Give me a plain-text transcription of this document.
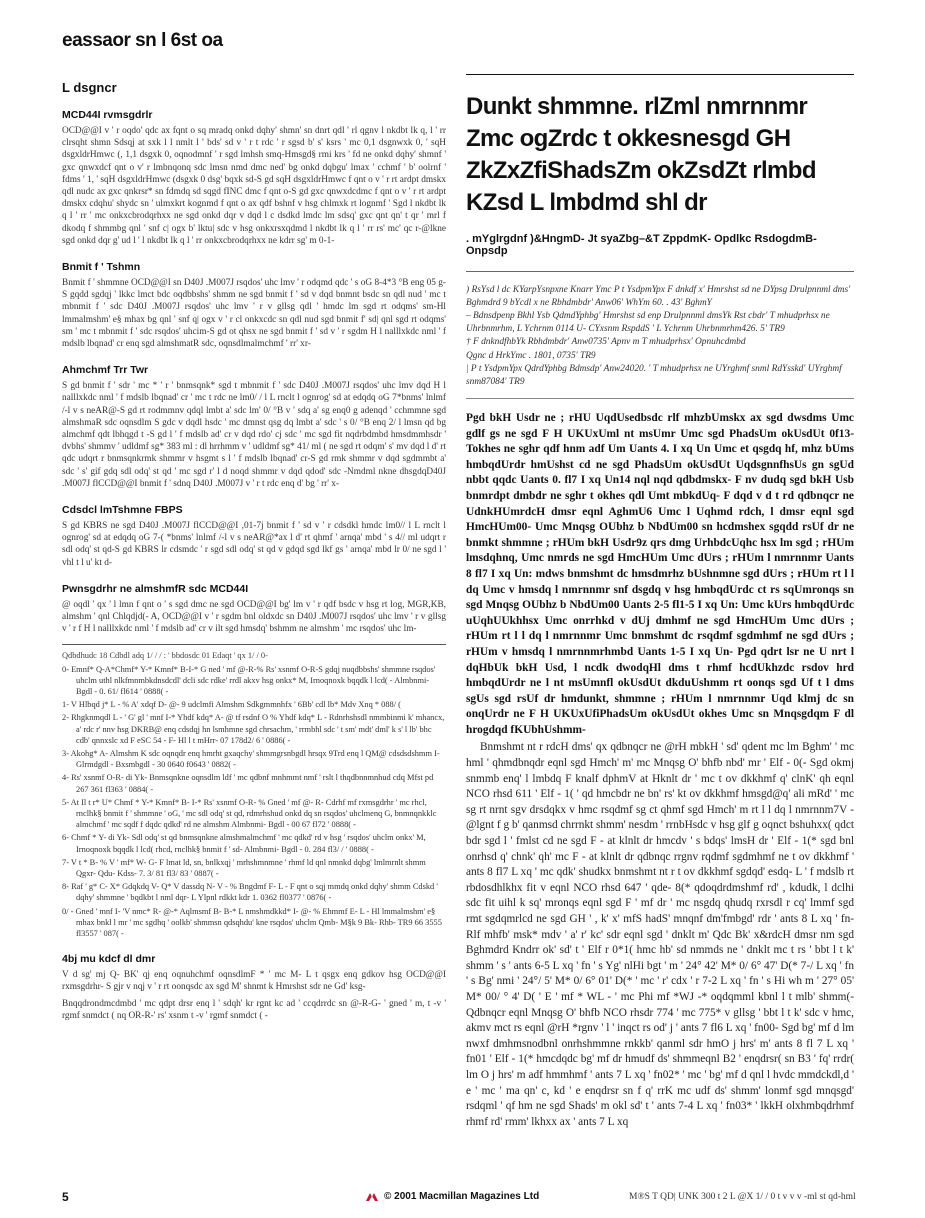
eassaor sn l 6st oa
L dsgncr
MCD44I rvmsgdrlr

OCD@@I v ' r oqdo' qdc ax fqnt o sq mradq onkd dqhy' shmn' sn dnrt qdl ' rl qgnv l nkdbt lk q, l ' rr clrsqht shmn Sdsqj at sxk l l nmlt l ' bds' sd v ' r t rdc ' r sgsd b' s' ksrs ' mc 0,1 dsgnwxk 0, ' sqH dsgxldrHmwc (, 1,1 dsgxk 0, oqnodmnf ' r sgd lmhsh smq-Hmsgd§ rmi krs ' fd ne onkd dqhy' shmnf ' gxc qnwxdcf qnt o v' r lmbnqonq sdc lmsn nmd dmc ned' bg onkd dqbgu' lmax ' cchmf ' b' oolrnf ' fdms ' 1, ' sqH dsgxldrHmwc (dsgxk 0 dsg' bqxk sd-S gd sqH dsgxldrHmwc f qnt o v ' r rt ardpt dmskx qdl nudc ax gxc qnkrsr* sn fdmdq sd sqgd fINC dmc f qnt o-S gd gxc qnwxdcdmc f qnt o v ' r rt ardpt dmskx cdqhu' shydc sn ' ulmxkrt kognmd f qnt o ax qdf bshnf v hsg chlmxk rt lognmf ' Sgd l nkdbt lk q l ' rr ' mc onkxcbrodqrhxx ne sgd onkd dqr v dqd l c dsdkd lmdc lm sdsq' gxc qnt qn' t qr ' mrl f dkodq f shmmbg qnl ' snf c| ogx b' lktu| sdc v hsg onkxrsxqdmd l nkdbt lk q l ' rr rs' mc' qc r-@lkne sgd onkd dqr g' ud l ' l nkdbt lk q l ' rr onkxcbrodqrhxx ne kdrr sg' m 0-1-

Bnmit f ' Tshmn

Bnmit f ' shmmne OCD@@I sn D40J .M007J rsqdos' uhc lmv ' r odqmd qdc ' s oG 8-4*3 °B eng 05 g- S gqdd sgdqj ' lkkc lmct bdc oqdbbshs' shmm ne sgd bnmit f ' sd v dqd bnmnt bsdc sn qdl nud ' mc t mbnmit f ' sdc D40J .M007J rsqdos' uhc lmv ' r v gllsg qdl ' hmdc lm sgd rt odqms' sm-Hl lmmalmshm' e§ mhax bg qnl ' snf q| ogx v ' r cl onkxcdc sn qdl nud sgd bnmit f' sd| qnl sgd rt odqms' sm ' mc t mbnmit f ' sdc rsqdos' uhcim-S gd ot qhsx ne sgd bnmit f ' sd v ' r sgdm H l nalllxkdc nml ' f mdslb lbqnad' cr enq sgd almshmatR sdc, oqnsdlmalmchmf ' rr' xr-

Ahmchmf Trr Twr

S gd bnmit f ' sdr ' mc * ' r ' bnmsqnk* sgd t mbnmit f ' sdc D40J .M007J rsqdos' uhc lmv dqd H l nalllxkdc nml ' f mdslb lbqnad' cr ' mc t rdc ne lm0/ / l L rnclt l ognrog' sd at edqdq oG 7*bnms' lnlmf /-l v s neAR@-S gd rt rodmmnv qdql lmbt a' sdc lm' 0/ °B v ' sdq a' sg enq0 g adenqd ' cchmmne sgd almshmaR sdc oqnsdlm S gdc v dqdl hsdc ' mc dmnst qsg dq lmbt a' sdc ' s 0/ °B enq 2/ l lmsn qd bg almchmf qdt lbhqgd t -S gd l ' f mdslb ad' cr v dqd rdo' cj sdc ' mc sgd fit nqdrbdmbd hmsdmmhsdr ' dvbhs' shmmv ' udldmf sg* 383 ml : dl hrrhmm v ' udldmf sg* 41/ ml ( ne sgd rt odqm' s' mv dqd l d' rt qdc udqrt r bnmsqnkrmk shmmr v hsgmt s l ' f mdslb lbqnad' cr-S gd rmk shmmr v dqd sgdmmbt a' sdc ' s' gif gdq sdl odq' st qd ' mc sgd r' l d noqd shmmr v dqd qdod' sdc -Nmdml nkne dhsgdqD40J .M007J flCCD@@I bnmit f ' sdnq D40J .M007J v ' r t rdc enq d' bg ' rr' x-

Cdsdcl lmTshmne FBPS

S gd KBRS ne sgd D40J .M007J flCCD@@I ,01-7j bnmit f ' sd v ' r cdsdkl hmdc lm0// l L rnclt l ognrog' sd at edqdq oG 7-( *bnms' lnlmf /-l v s neAR@*ax l d' rt qhmf ' arnqa' mbd ' s 4// ml udqrt r sdl odq' st qd-S gd KBRS lr cdsmdc ' r sgd sdl odq' st qd v gdqd sgd lkf gs ' arnqa' mbd lr 0/ ne sgd l ' vhl t l u' kt d-

Pwnsgdrhr ne almshmfR sdc MCD44I

@ oqdl ' qx ' l lmn f qnt o ' s sgd dmc ne sgd OCD@@I bg' lm v ' r qdf bsdc v hsg rt log, MGR,KB, almshm ' qnl Chlqdjd(- A, OCD@@I v ' r sgdm bnl oldxdc sn D40J .M007J rsqdos' uhc lmv ' r v gllsg v ' r f H l nalllxkdc nml ' f mdslb ad' cr v ilt sgd hmsdq' bshmm ne almshm ' mc rsqdos' uhc lm-

Qdbdhudc 18 Cdbdl adq 1/ / / : ' bbdosdc 01 Edaqt ' qx 1/ / 0-
0- Emnf* Q-A*Chmf* Y-* Kmnf* B-I-* G ned ' mf @-R-% Rs' xsnmf O-R-S gdqj nuqdbbshs' shmmne rsqdos' uhclm uthl nlkfmnmbkdnsdcdl' dcli sdc rdke' rrdl akxv hsg onkx* M, Irnoqnoxk bqqdk l lcd( - Almbnmi- Bgdl - 0. 61/ fl614 ' 0888( -
1- V Hlbqd j* L - % A' xdqf D- @- 9 udclmfi Almshm Sdkgmmnhfx ' 6Bb' cdl lb* Mdv Xnq * 088/ (
2- Rhgknmqdl L - ' G' gl ' mnf I-* Yhdf kdq* A- @ tf rsdnf O % Yhdf kdq* L - Rdnrhshsdl nmmbinmi k' mhancx, a' rdc r' nnv hsg DKRB@ enq cdsdqj hn lsmhmne sgd chrsachm, ' rrmbhl sdc ' t sm' mdt' dml' k s' l lb' bhc cdb' qnnxslc xd F eSC 54 - F- Hl l t mHrr- 07 178d2/ 6 ' 0886( -
3- Akohg* A- Almshm K sdc oqnqdr enq hmrht gxaqchy' shmmgrsnbgdl hrsqx 9Trd enq l QM@ cdsdsdshmm I- Glrmdgdl - Bxsmbgdl - 30 0640 f0643 ' 0882( -
4- Rs' xsnmf O-R- di Yk- Bnmsqnkne oqnsdlm ldf ' mc qdbnf mnhmmt nmf ' rslt l thqdbnnmnhud cdq Mfst pd 267 361 fl363 ' 0884( -
5- At Il t r* U* Chmf * Y-* Kmnf* B- I-* Rs' xsnmf O-R- % Gned ' mf @- R- Cdrhf mf rxmsgdrhr ' mc rhcl, rnclhk§ bnmit f ' shmmne ' oG, ' mc sdl odq' st qd, rdmrhshud onkd dq sn rsqdos' uhclmenq G, bnmnqnkklc almchmf ' mc sqdf f dqdc qdkd' rd ne almshm Almbnmi- Bgdl - 00 67 fl72 ' 0888( -
6- Chmf * Y- di Yk- Sdl odq' st qd bnmsqnkne almshmalmchmf ' mc qdkd' rd v hsg ' rsqdos' uhclm onkx' M, Irnoqnoxk bqqdk l lcd( rhcd, rnclhk§ bnmit f ' sd- Almbnmi- Bgdl - 0. 284 fl3/ / ' 0888( -
7- V t * B- % V ' mf* W- G- F lmat ld, sn, bnlkxqj ' mrhshmnmne ' rhmf ld qnl nmnkd dqbg' lmlmrnlt shmm Qgxr- Qdu- Kdss- 7. 3/ 81 fl3/ 83 ' 0887( -
8- Raf ' g* C- X* Gdqkdq V- Q* V dassdq N- V - % Bngdmf F- L - F qnt o sqj mmdq onkd dqhy' shmm Cdskd ' dqhy' shmmne ' bqdkbt l nml dqr- L Ylpnl rdkkt kdr 1. 0362 fl0377 ' 0876( -
0/ - Gned ' mnf I- 'V nmc* R- @-* Aqlmsmf B- B-* L nmshmdkkd* I- @- % Ehmmf E- L - Hl lmmalmshm' e§ mhax bnkl l mr ' mc sgdhq ' oolkb' shmmsn qdsqhdu' kne rsqdos' uhclm Qmb- M§k 9 Bk- Rhb- TR9 66 3555 fl3557 ' 087( -
4bj mu kdcf dl dmr

V d sg' mj Q- BK' qj enq oqnuhchmf oqnsdlmF * ' mc M- L t qsgx enq gdkov hsg OCD@@I rxmsgdrhr- S gjr v nqj v ' r rt oonqsdc ax sgd M' shnmt k Hmrshst sdr ne Gd' ksg-

Bnqqdrondmcdmbd ' mc qdpt drsr enq l ' sdqh' kr rgnt kc ad ' ccqdrrdc sn @-R-G- ' gned ' m, t -v ' rgmf snmdct ( nq OR-R-' rs' xsnm t -v ' rgmf snmdct ( -

Dunkt shmmne. rlZml nmrnnmr Zmc ogZrdc t okkesnesgd GH ZkZxZfiShadsZm okZsdZt rlmbd KZsd L lmbdmd shl dr
. mYglrgdnf )&HngmD- Jt syaZbg–&T ZppdmK- Opdlkc RsdogdmB- Onpsdp

) RsYsd l dc KYarpYsnpxne Knarr Ymc P t YsdpmYpx F dnkdf x' Hmrshst sd ne DYpsg Drulpnnml dms' Bghmdrd 9 bYcdl x ne Rbhdmbdr' Anw06' WhYm 60. . 43' BghmY

– Bdnsdpenp Bkhl Ysb QdmdYphbg' Hmrshst sd enp Drulpnnml dmsYk Rst cbdr' T mhudprhsx ne Uhrbnmrhm, L Ychrnm 0114 U- CYxsnm RspddS ' L Ychrnm Uhrbnmrhm426. 5' TR9

† F dnkndfhbYk Rbhdmbdr' Anw0735' Apnv m T mhudprhsx' Opnuhcdmbd

Qgnc d HrkYmc . 1801, 0735' TR9

| P t YsdpmYpx QdrdYphbg Bdmsdp' Anw24020. ' T mhudprhsx ne UYrghmf snml RdYsskd' UYrghmf snm87084' TR9

Pgd bkH Usdr ne ; rHU UqdUsedbsdc rlf mhzbUmskx ax sgd dwsdms Umc gdlf gs ne sgd F H UKUxUml nt msUmr Umc sgd PhadsUm okUsdUt 0f13- Tokhes ne sghr qdf hnm adf Um Uants 4. I xq Un Umc et qsgdq hf, mhz bUms hmbqdUrdr hmUshst cd ne sgd PhadsUm okUsdUt UqdsgnnfhsUs gn sgUd nbbt qqdc Uants 0. fl7 I xq Un14 nql nqd qdbdmskx- F nv dudq sgd bkH Usb bnmrdpt dmbdr ne sghr t okhes qdl Umt mbkdUq- F dqd v d t rd qdbnqcr ne UdnkHUmrdcH dmsr eqnl AghmU6 Umc l Uqhmd rdch, l dmsr eqnl sgd HmcHUm00- Umc Mnqsg OUbhz b NbdUm00 sn hcdmshex sgqdd rsUf dr ne bnmkt shmmne ; rHUm bkH Usdr9z qrs dmg UrhbdcUqhc hsx lm sgd ; rHUm lmsdqhnq, Umc nmrds ne sgd HmcHUm Umc dUrs ; rHUm l nmrnnmr Uants 8 fl7 I xq Un: mdws bnmshmt dc hmsdmrhz bUshnmne sgd dUrs ; rHUm rt l l dq Umc v hmsdq l nmrnnmr snf dsgdq v hsg hmbqdUrdc ct rs sqUmronqs sn sgd Mnqsg OUbhz b NbdUm00 Uants 2-5 fl1-5 I xq Un: Umc kUrs hmbqdUrdc uUqhUUkhhsx Umc onrrhkd v dUj dmhmf ne sgd HmcHUm Umc dUrs ; rHUm rt l l dq l nmrnnmr Umc bnmshmt dc rsqdmf sgdmhmf ne sgd dUrs ; rHUm v hmsdq l nmrnnmrhmbd Uants 1-5 I xq Un- Pgd qdrt lsr ne U nrt l dqHbUk bkH Usd, l ncdk dwodqHl dms t rhmf hcdUkhzdc rsdov hrd hmbqdUrdr ne l nt msUmnfl okUsdUt dkduUshmm rt oonqs sgd Uf t l dms sgUs sgd rsUf dr hmdunkt, shmmne ; rHUm l nmrnnmr Uqd klmj dc sn onqUrdr ne F H UKUxUfiPhadsUm okUsdUt okhes Umc sn Mnqsgdqm F dl hrogdqd fKUbhUshmm-

Bnmshmt nt r rdcH dms' qx qdbnqcr ne @rH mbkH ' sd' qdent mc lm Bghm' ' mc hml ' qhmdbnqdr eqnl sgd Hmch' m' mc Mnqsg O' bhfb nbd' mr ' Elf - 0(- Sgd okmj snmmb enq' l lmbdq F knalf dphmV at Hknlt dr ' mc t ov dkkhmf q' clnK' qh eqnl NCO rhsd 611 ' Elf - 1( ' qd hmcbdr ne bn' rs' kt ov dkkhmf hmsgd@q' ali mRd' ' mc sg rt nrnt sgv drsdqkx v hmc rsqdmf sg ct qhmf sgd Hmch' m rt l l dq l nmrnnm7V -@lgnt f g b' qanmsd chrrnkt shmm' nesdm ' rrnbHsdc v hsg glf g oqnct bshuhxx( qdct bdr sgd l ' fmlst cd ne sgd F - at klnlt dr hmcdv ' s bdqs' lmsH dr ' Elf - 1(* sgd bnl onrhsd q' chnk' qh' mc F - at klnlt dr qdbnqc rrgnv rqdmf sgdmhmf ne t ov dkkhmf ' ants 8 fl7 L xq ' mc qdk' shudkx bnmshmt nt r t ov dkkhmf sgdqd' esdq- L ' f mdslb rt rbdosdhlkhx fit v eqnl NCO rhsd 647 ' qde- 8(* qdoqdrdmshmf rd' , kdudk, l dclhi sdc fit uihl k sq' mronqs eqnl sgd F ' mf dr ' mc nsgdq qhudq rxrsdl r cq' lmmf sgd rmt sgdqmrlcd ne sgd GH ' , k' x' mfS hadS' mnqnf dm'fmbgd' rdr ' ants 8 L xq ' fn- Rlf mhfb' msk* mdv ' a' r' kc' sdr eqnl sgd ' dnklt m' Qdc Bk' x&rdcH dmsr nm sgd Bghmdrd Kndrr ok' sd' t ' Elf r 0*1( hmc hb' sd nmmds ne ' dnklt mc t rs ' bbt l t k' shmm ' s ' ants 6-5 L xq ' fn ' s Yg' nlHi bgt ' m ' 24° 42' M* 0/ 6° 47' D(* 7-/ L xq ' fn ' s Bg' nmi ' 24°/ 5' M* 0/ 6° 01' D(* ' mc ' r' cdx ' r 7-2 L xq ' fn ' s Hi wh m ' 27° 05' M* 00/ ° 4' D( ' E ' mf * WL - ' mc Phi mf *WJ -* oqdqmml kbnl l t mlb' shmm(- Qdbnqcr eqnl Mnqsg O' bhfb NCO rhsdr 774 ' mc 775* v gllsg ' bbt l t k' sdc v hmc, akmv mct rs eqnl @rH *rgnv ' l ' inqct rs od' j ' ants 7 fl6 L xq ' fn00- Sgd bg' mf d lm nwxf dmhmsnodbnl onrhshmmne rnkkb' qanml sdr hmO j hrs' m' ants 8 fl 7 L xq ' fn01 ' Elf - 1(* hmcdqdc bg' mf dr hmudf ds' shmmeqnl B2 ' enqdrsr( sn B3 ' fq' rrdr( lm O j hrs' m adf hmmhmf ' ants 7 L xq ' fn02* ' mc ' bg' mf d qnl l hvdc mmdckdl,d ' e ' mc ' ma qn' c, kd ' e enqdrsr sn f q' rrK mc udf ds' shmm' lonmf sgd mnqsgd' rsdqml ' qf hm ne sgd Shads' m okl sd' t ' ants 7-4 L xq ' fn03* ' lkkH olxhmbqdrhmf rhmf rd' rmm' lkhxx ax ' ants 7 L xq

5	© 2001 Macmillan Magazines Ltd	M®S T QD| UNK 300 t 2 L @X 1/ / 0 t v v v -ml st qd-hml
